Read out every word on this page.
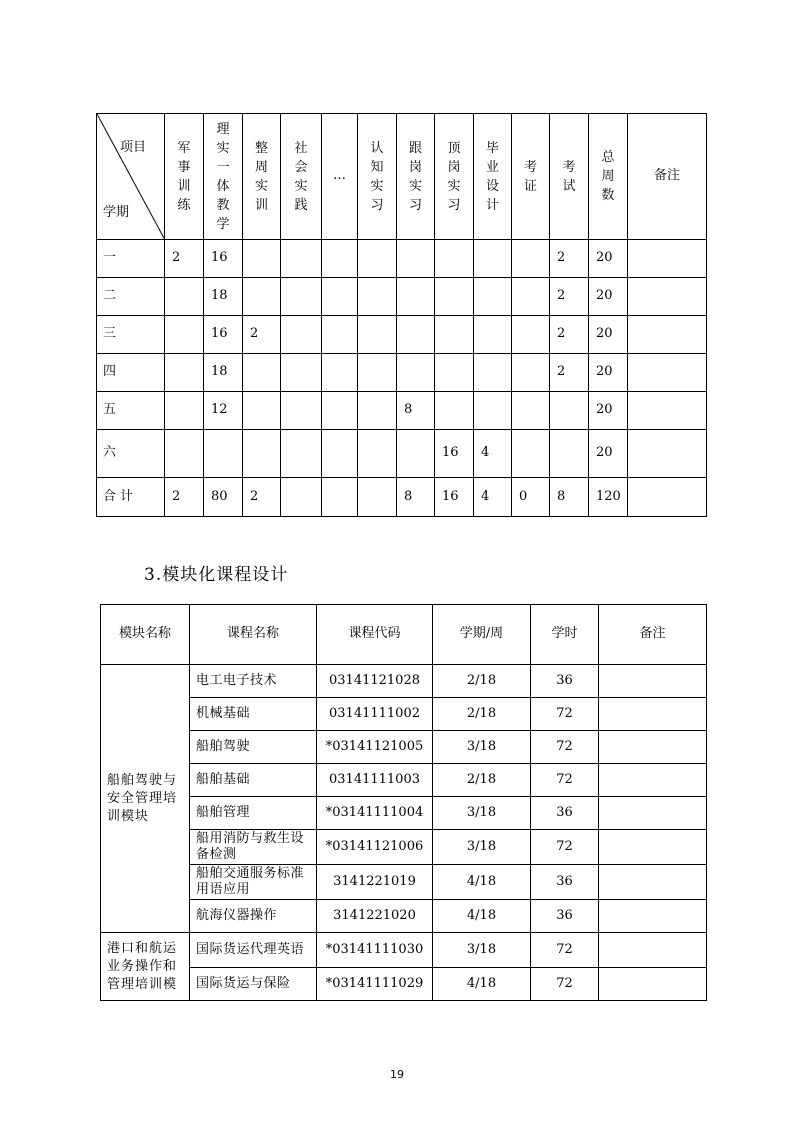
项目
学期	军事训练	理实一体教学	整周实训	社会实践	…	认知实习	跟岗实习	顶岗实习	毕业设计	考证	考试	总周数	备注
一	2	16									2	20	
二		18									2	20	
三		16	2								2	20	
四		18									2	20	
五		12					8					20	
六								16	4			20	
合 计	2	80	2				8	16	4	0	8	120	
3.模块化课程设计
模块名称	课程名称	课程代码	学期/周	学时	备注
船舶驾驶与安全管理培训模块	电工电子技术	03141121028	2/18	36	
	机械基础	03141111002	2/18	72	
	船舶驾驶	*03141121005	3/18	72	
	船舶基础	03141111003	2/18	72	
	船舶管理	*03141111004	3/18	36	
	船用消防与救生设备检测	*03141121006	3/18	72	
	船舶交通服务标准用语应用	3141221019	4/18	36	
	航海仪器操作	3141221020	4/18	36	
港口和航运业务操作和管理培训模	国际货运代理英语	*03141111030	3/18	72	
	国际货运与保险	*03141111029	4/18	72	
19
